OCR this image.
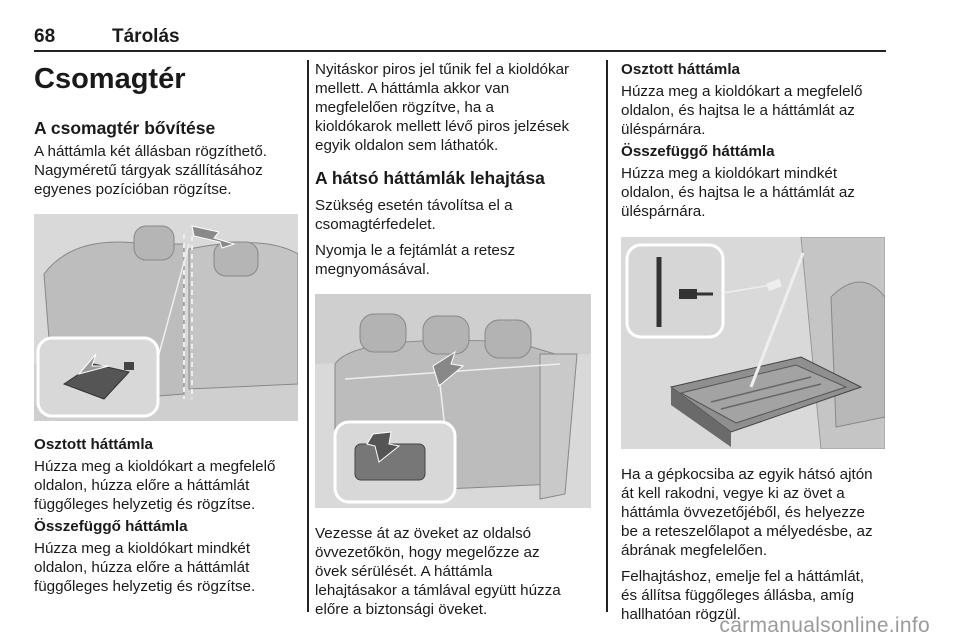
68	Tárolás
Csomagtér
A csomagtér bővítése
A háttámla két állásban rögzíthető.
Nagyméretű tárgyak szállításához
egyenes pozícióban rögzítse.
Osztott háttámla
Húzza meg a kioldókart a megfelelő
oldalon, húzza előre a háttámlát
függőleges helyzetig és rögzítse.
Összefüggő háttámla
Húzza meg a kioldókart mindkét
oldalon, húzza előre a háttámlát
függőleges helyzetig és rögzítse.
Nyitáskor piros jel tűnik fel a kioldókar
mellett. A háttámla akkor van
megfelelően rögzítve, ha a
kioldókarok mellett lévő piros jelzések
egyik oldalon sem láthatók.
A hátsó háttámlák lehajtása
Szükség esetén távolítsa el a
csomagtérfedelet.
Nyomja le a fejtámlát a retesz
megnyomásával.
Vezesse át az öveket az oldalsó
övvezetőkön, hogy megelőzze az
övek sérülését. A háttámla
lehajtásakor a támlával együtt húzza
előre a biztonsági öveket.
Osztott háttámla
Húzza meg a kioldókart a megfelelő
oldalon, és hajtsa le a háttámlát az
üléspárnára.
Összefüggő háttámla
Húzza meg a kioldókart mindkét
oldalon, és hajtsa le a háttámlát az
üléspárnára.
Ha a gépkocsiba az egyik hátsó ajtón
át kell rakodni, vegye ki az övet a
háttámla övvezetőjéből, és helyezze
be a reteszelőlapot a mélyedésbe, az
ábrának megfelelően.
Felhajtáshoz, emelje fel a háttámlát,
és állítsa függőleges állásba, amíg
hallhatóan rögzül.
carmanualsonline.info
